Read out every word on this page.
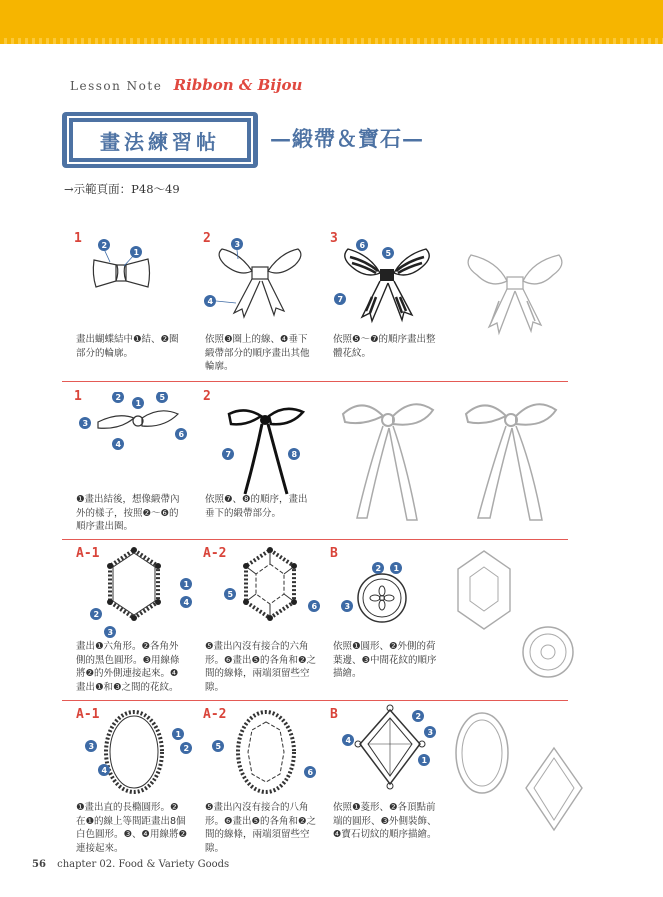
Lesson Note Ribbon & Bijou
畫法練習帖 —緞帶＆寶石—
→示範頁面：P48～49
1	2	3
2
1
3
4
6
5
7
畫出蝴蝶結中❶結、❷圈部分的輪廓。
依照❸圈上的線、❹垂下緞帶部分的順序畫出其他輪廓。
依照❺～❼的順序畫出整體花紋。
1	2
2
1
5
3
4
6
7	8
❶畫出結後，想像緞帶內外的樣子，按照❷～❻的順序畫出圈。
依照❼、❽的順序，畫出垂下的緞帶部分。
A-1	A-2	B
1
4
2
3
5
6
2 1
3
畫出❶六角形。❷各角外側的黑色圓形。❸用線條將❷的外側連接起來。❹畫出❶和❸之間的花紋。
❺畫出內沒有接合的六角形。❻畫出❺的各角和❷之間的線條，兩端須留些空隙。
依照❶圓形、❷外側的荷葉邊、❸中間花紋的順序描繪。
A-1	A-2	B
3
4
1
2	5
6
2
3
4
1
❶畫出直的長橢圓形。❷在❶的線上等間距畫出8個白色圓形。❸、❹用線將❷連接起來。
❺畫出內沒有接合的八角形。❻畫出❺的各角和❷之間的線條，兩端須留些空隙。
依照❶菱形、❷各頂點前端的圓形、❸外側裝飾、❹寶石切紋的順序描繪。
56 chapter 02. Food & Variety Goods
